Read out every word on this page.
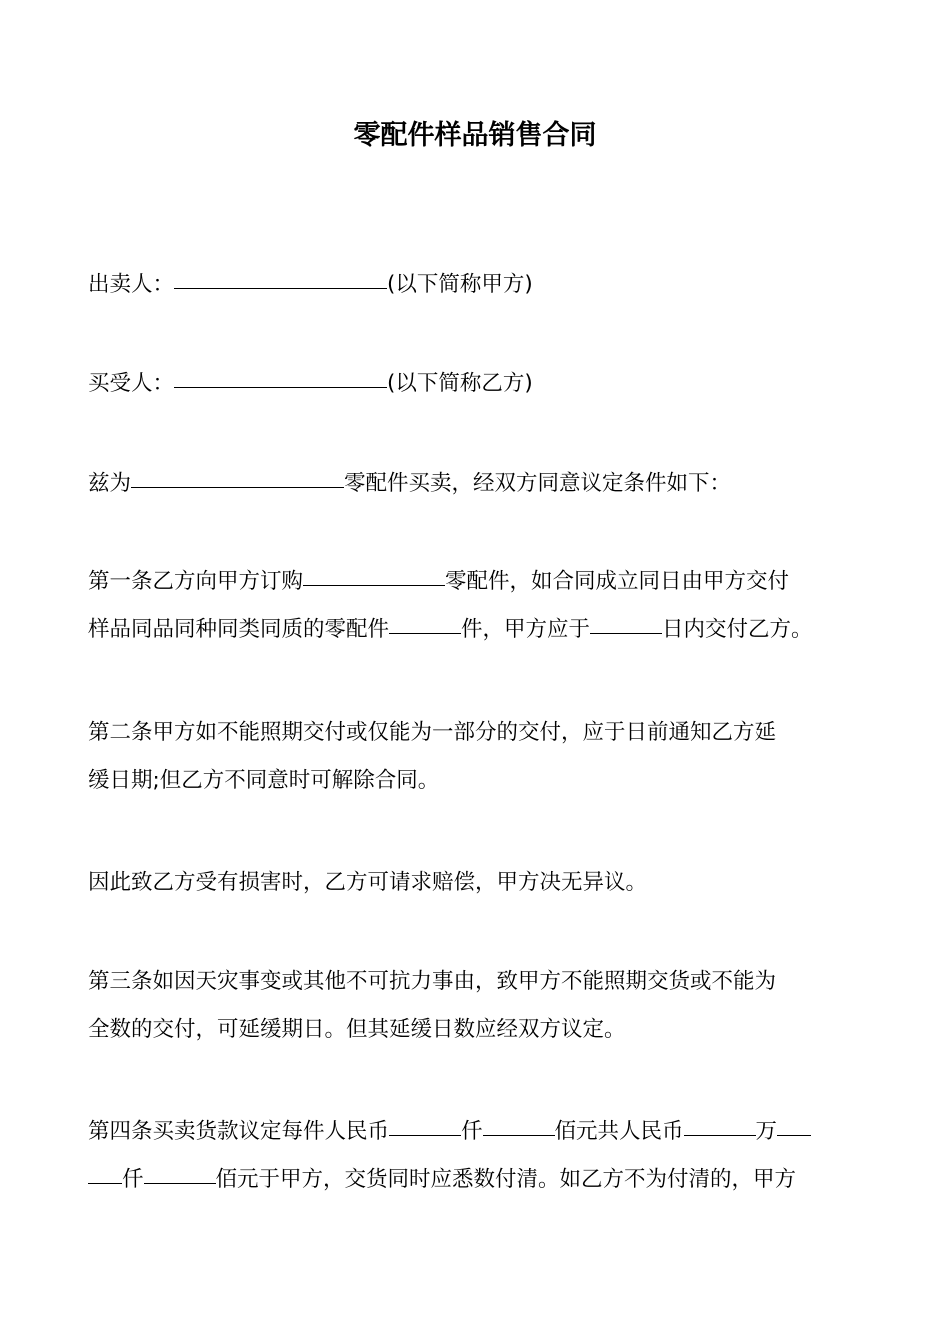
零配件样品销售合同
出卖人：	(以下简称甲方)
买受人：	(以下简称乙方)
兹为	零配件买卖，经双方同意议定条件如下：
第一条乙方向甲方订购	零配件，如合同成立同日由甲方交付
样品同品同种同类同质的零配件	件，甲方应于	日内交付乙方。
第二条甲方如不能照期交付或仅能为一部分的交付，应于日前通知乙方延
缓日期;但乙方不同意时可解除合同。
因此致乙方受有损害时，乙方可请求赔偿，甲方决无异议。
第三条如因天灾事变或其他不可抗力事由，致甲方不能照期交货或不能为
全数的交付，可延缓期日。但其延缓日数应经双方议定。
第四条买卖货款议定每件人民币	仟	佰元共人民币	万
仟	佰元于甲方，交货同时应悉数付清。如乙方不为付清的，甲方
